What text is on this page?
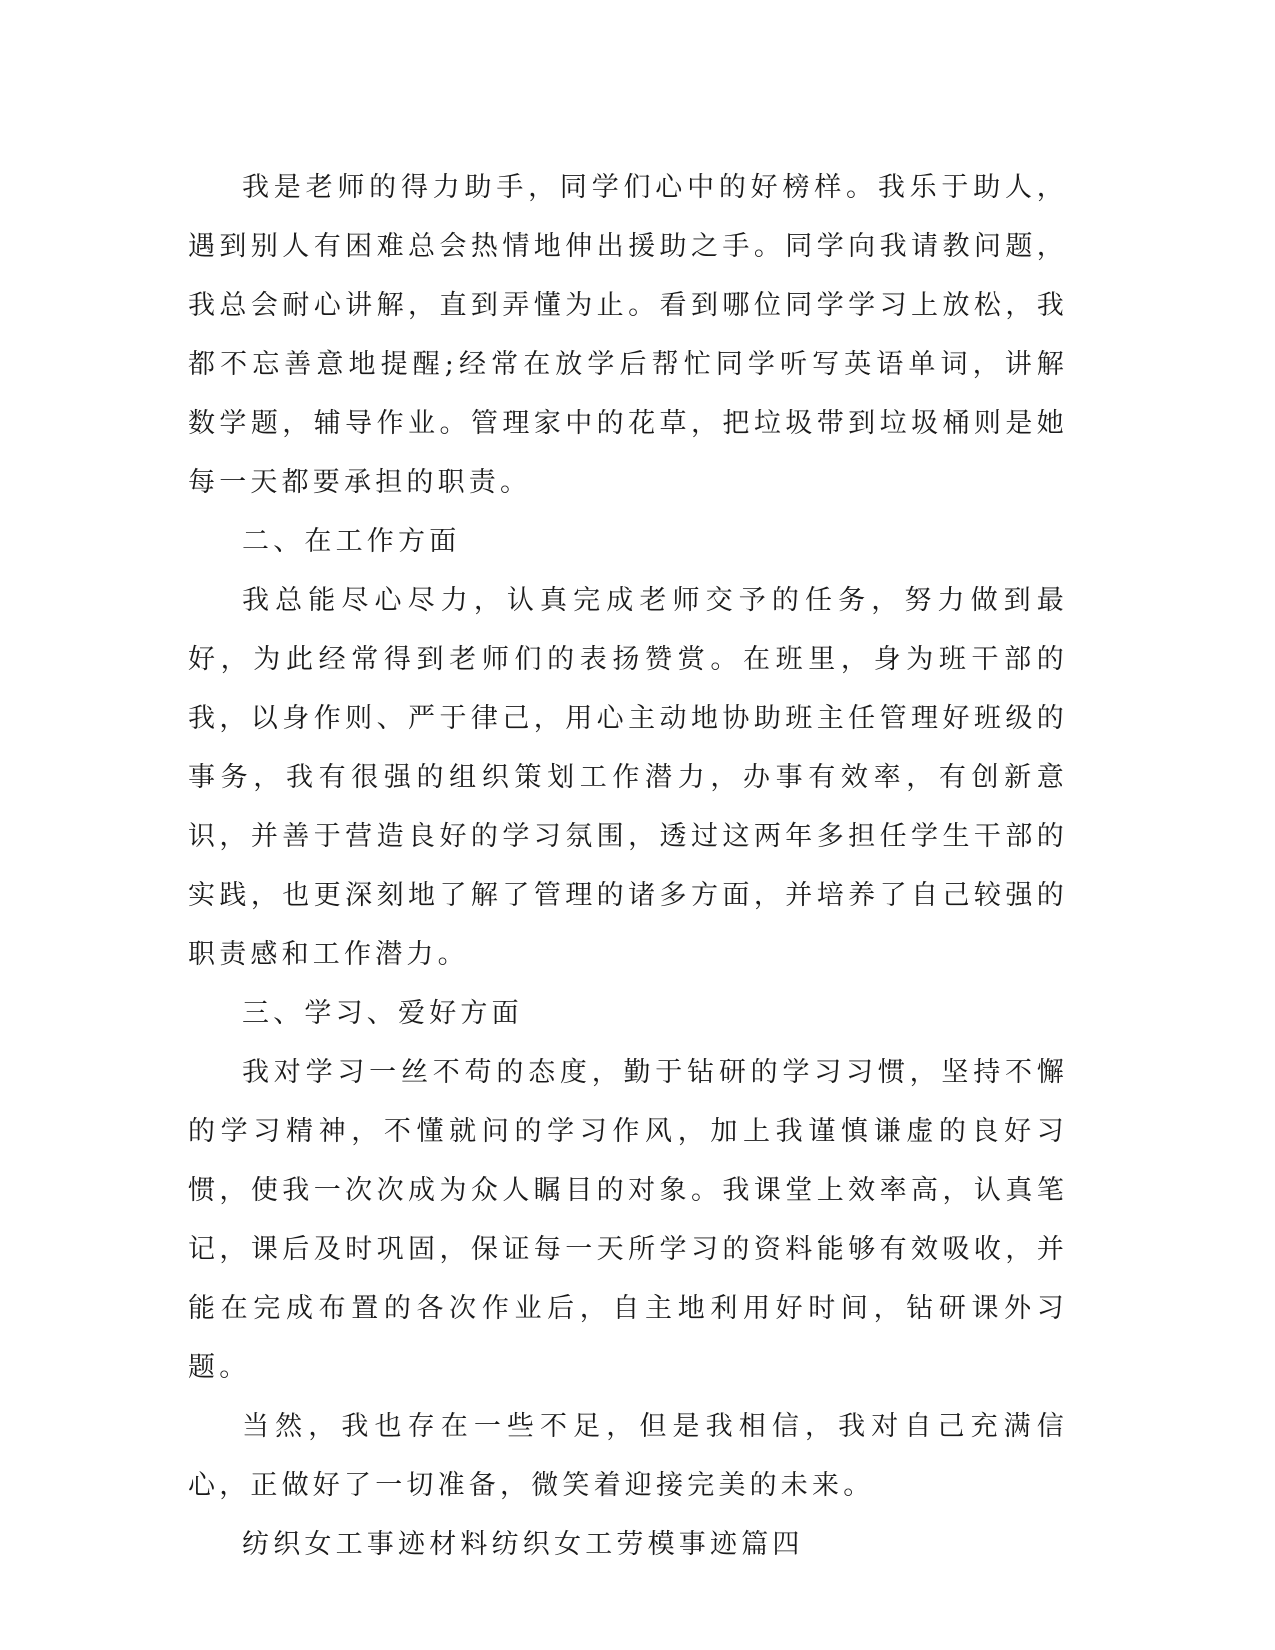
我是老师的得力助手，同学们心中的好榜样。我乐于助人，遇到别人有困难总会热情地伸出援助之手。同学向我请教问题，我总会耐心讲解，直到弄懂为止。看到哪位同学学习上放松，我都不忘善意地提醒;经常在放学后帮忙同学听写英语单词，讲解数学题，辅导作业。管理家中的花草，把垃圾带到垃圾桶则是她每一天都要承担的职责。

二、在工作方面

我总能尽心尽力，认真完成老师交予的任务，努力做到最好，为此经常得到老师们的表扬赞赏。在班里，身为班干部的我，以身作则、严于律己，用心主动地协助班主任管理好班级的事务，我有很强的组织策划工作潜力，办事有效率，有创新意识，并善于营造良好的学习氛围，透过这两年多担任学生干部的实践，也更深刻地了解了管理的诸多方面，并培养了自己较强的职责感和工作潜力。

三、学习、爱好方面

我对学习一丝不苟的态度，勤于钻研的学习习惯，坚持不懈的学习精神，不懂就问的学习作风，加上我谨慎谦虚的良好习惯，使我一次次成为众人瞩目的对象。我课堂上效率高，认真笔记，课后及时巩固，保证每一天所学习的资料能够有效吸收，并能在完成布置的各次作业后，自主地利用好时间，钻研课外习题。

当然，我也存在一些不足，但是我相信，我对自己充满信心，正做好了一切准备，微笑着迎接完美的未来。

纺织女工事迹材料纺织女工劳模事迹篇四
